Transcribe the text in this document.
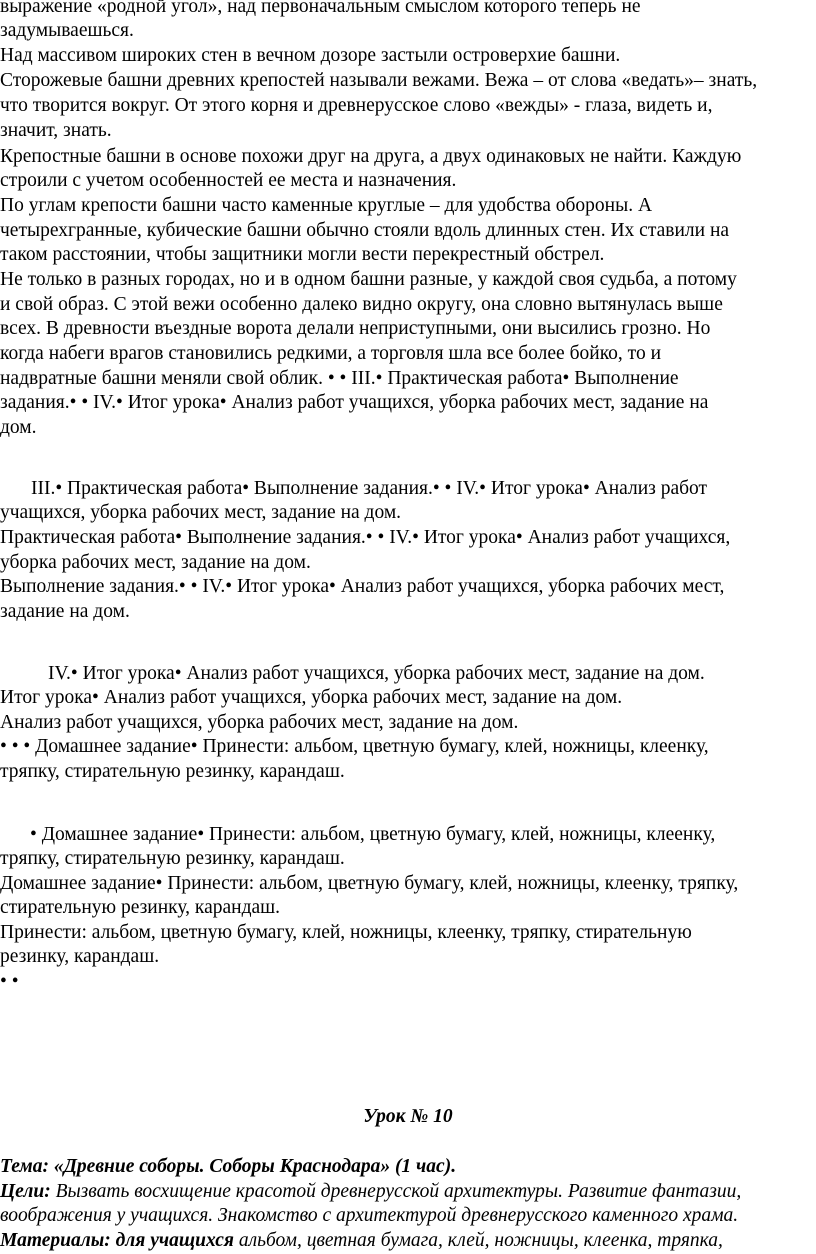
выражение «родной угол», над первоначальным смыслом которого теперь не
задумываешься.
Над массивом широких стен в вечном дозоре застыли островерхие башни.
Сторожевые башни древних крепостей называли вежами. Вежа – от слова «ведать»– знать,
что творится вокруг. От этого корня и древнерусское слово «вежды» - глаза, видеть и,
значит, знать.
Крепостные башни в основе похожи друг на друга, а двух одинаковых не найти. Каждую
строили с учетом особенностей ее места и назначения.
По углам крепости башни часто каменные круглые – для удобства обороны. А
четырехгранные, кубические башни обычно стояли вдоль длинных стен. Их ставили на
таком расстоянии, чтобы защитники могли вести перекрестный обстрел.
Не только в разных городах, но и в одном башни разные, у каждой своя судьба, а потому
и свой образ. С этой вежи особенно далеко видно округу, она словно вытянулась выше
всех. В древности въездные ворота делали неприступными, они высились грозно. Но
когда набеги врагов становились редкими, а торговля шла все более бойко, то и
надвратные башни меняли свой облик. • • III.• Практическая работа• Выполнение
задания.• • IV.• Итог урока• Анализ работ учащихся, уборка рабочих мест, задание на
дом.
III.• Практическая работа• Выполнение задания.• • IV.• Итог урока• Анализ работ
учащихся, уборка рабочих мест, задание на дом.
Практическая работа• Выполнение задания.• • IV.• Итог урока• Анализ работ учащихся,
уборка рабочих мест, задание на дом.
Выполнение задания.• • IV.• Итог урока• Анализ работ учащихся, уборка рабочих мест,
задание на дом.
IV.• Итог урока• Анализ работ учащихся, уборка рабочих мест, задание на дом.
Итог урока• Анализ работ учащихся, уборка рабочих мест, задание на дом.
Анализ работ учащихся, уборка рабочих мест, задание на дом.
• • • Домашнее задание• Принести: альбом, цветную бумагу, клей, ножницы, клеенку,
тряпку, стирательную резинку, карандаш.
• Домашнее задание• Принести: альбом, цветную бумагу, клей, ножницы, клеенку,
тряпку, стирательную резинку, карандаш.
Домашнее задание• Принести: альбом, цветную бумагу, клей, ножницы, клеенку, тряпку,
стирательную резинку, карандаш.
Принести: альбом, цветную бумагу, клей, ножницы, клеенку, тряпку, стирательную
резинку, карандаш.
• •
Урок № 10
Тема: «Древние соборы. Соборы Краснодара» (1 час).
Цели: Вызвать восхищение красотой древнерусской архитектуры. Развитие фантазии,
воображения у учащихся. Знакомство с архитектурой древнерусского каменного храма.
Материалы: для учащихся альбом, цветная бумага, клей, ножницы, клеенка, тряпка,
